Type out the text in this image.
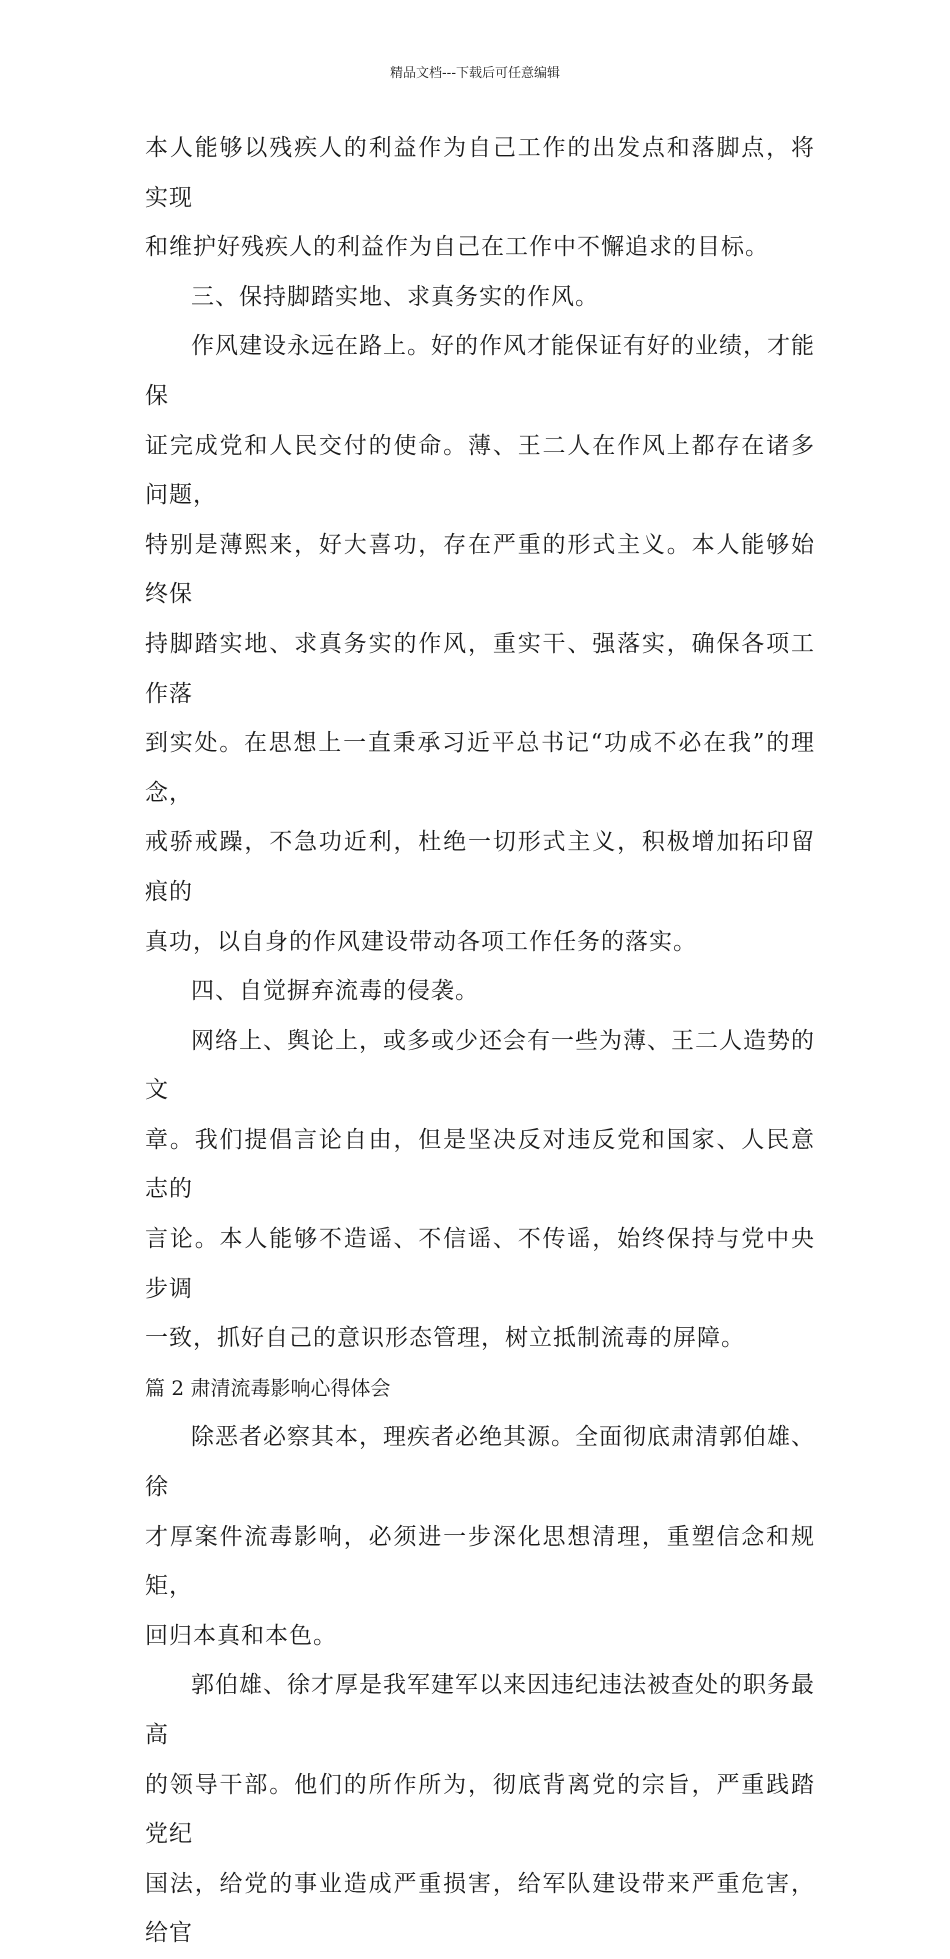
精品文档---下载后可任意编辑
本人能够以残疾人的利益作为自己工作的出发点和落脚点，将实现
和维护好残疾人的利益作为自己在工作中不懈追求的目标。
三、保持脚踏实地、求真务实的作风。
作风建设永远在路上。好的作风才能保证有好的业绩，才能保
证完成党和人民交付的使命。薄、王二人在作风上都存在诸多问题，
特别是薄熙来，好大喜功，存在严重的形式主义。本人能够始终保
持脚踏实地、求真务实的作风，重实干、强落实，确保各项工作落
到实处。在思想上一直秉承习近平总书记“功成不必在我”的理念，
戒骄戒躁，不急功近利，杜绝一切形式主义，积极增加拓印留痕的
真功，以自身的作风建设带动各项工作任务的落实。
四、自觉摒弃流毒的侵袭。
网络上、舆论上，或多或少还会有一些为薄、王二人造势的文
章。我们提倡言论自由，但是坚决反对违反党和国家、人民意志的
言论。本人能够不造谣、不信谣、不传谣，始终保持与党中央步调
一致，抓好自己的意识形态管理，树立抵制流毒的屏障。
篇 2 肃清流毒影响心得体会
除恶者必察其本，理疾者必绝其源。全面彻底肃清郭伯雄、徐
才厚案件流毒影响，必须进一步深化思想清理，重塑信念和规矩，
回归本真和本色。
郭伯雄、徐才厚是我军建军以来因违纪违法被查处的职务最高
的领导干部。他们的所作所为，彻底背离党的宗旨，严重践踏党纪
国法，给党的事业造成严重损害，给军队建设带来严重危害，给官
